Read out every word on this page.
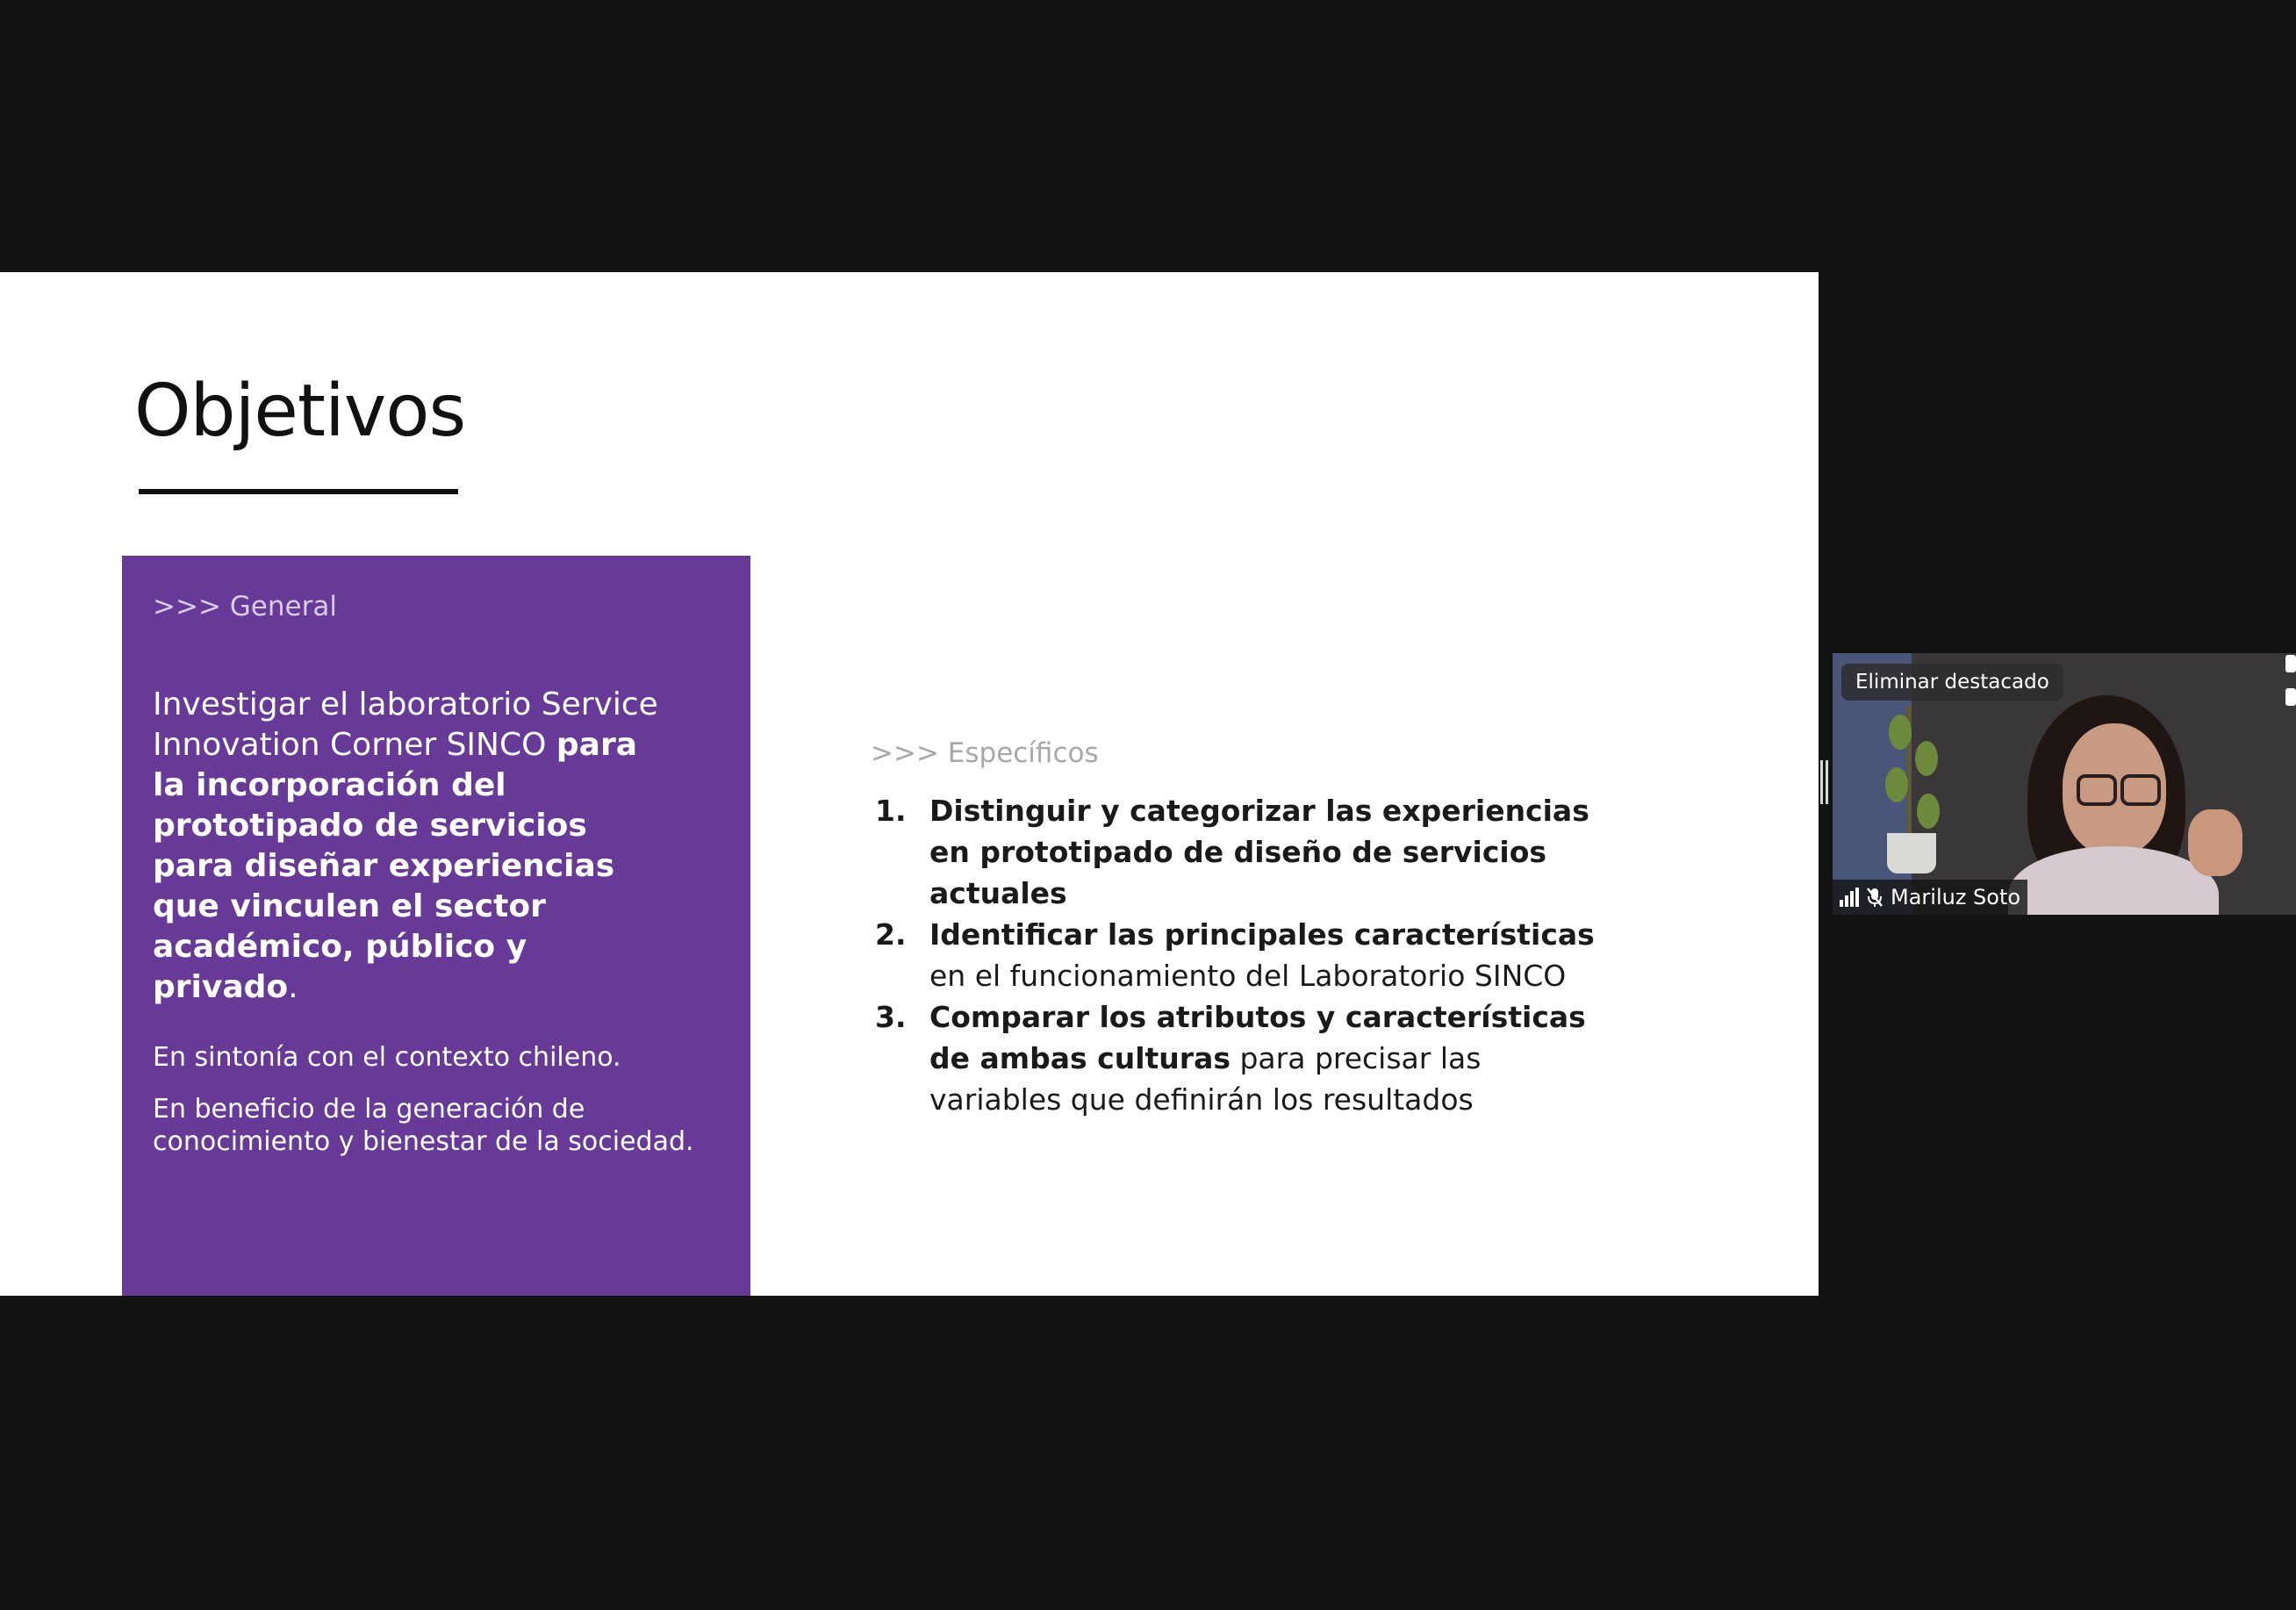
Objetivos
>>> General

Investigar el laboratorio Service Innovation Corner SINCO para la incorporación del prototipado de servicios para diseñar experiencias que vinculen el sector académico, público y privado.

En sintonía con el contexto chileno.

En beneficio de la generación de conocimiento y bienestar de la sociedad.

>>> Específicos
1. Distinguir y categorizar las experiencias en prototipado de diseño de servicios actuales
2. Identificar las principales características en el funcionamiento del Laboratorio SINCO
3. Comparar los atributos y características de ambas culturas para precisar las variables que definirán los resultados
Eliminar destacado
Mariluz Soto
